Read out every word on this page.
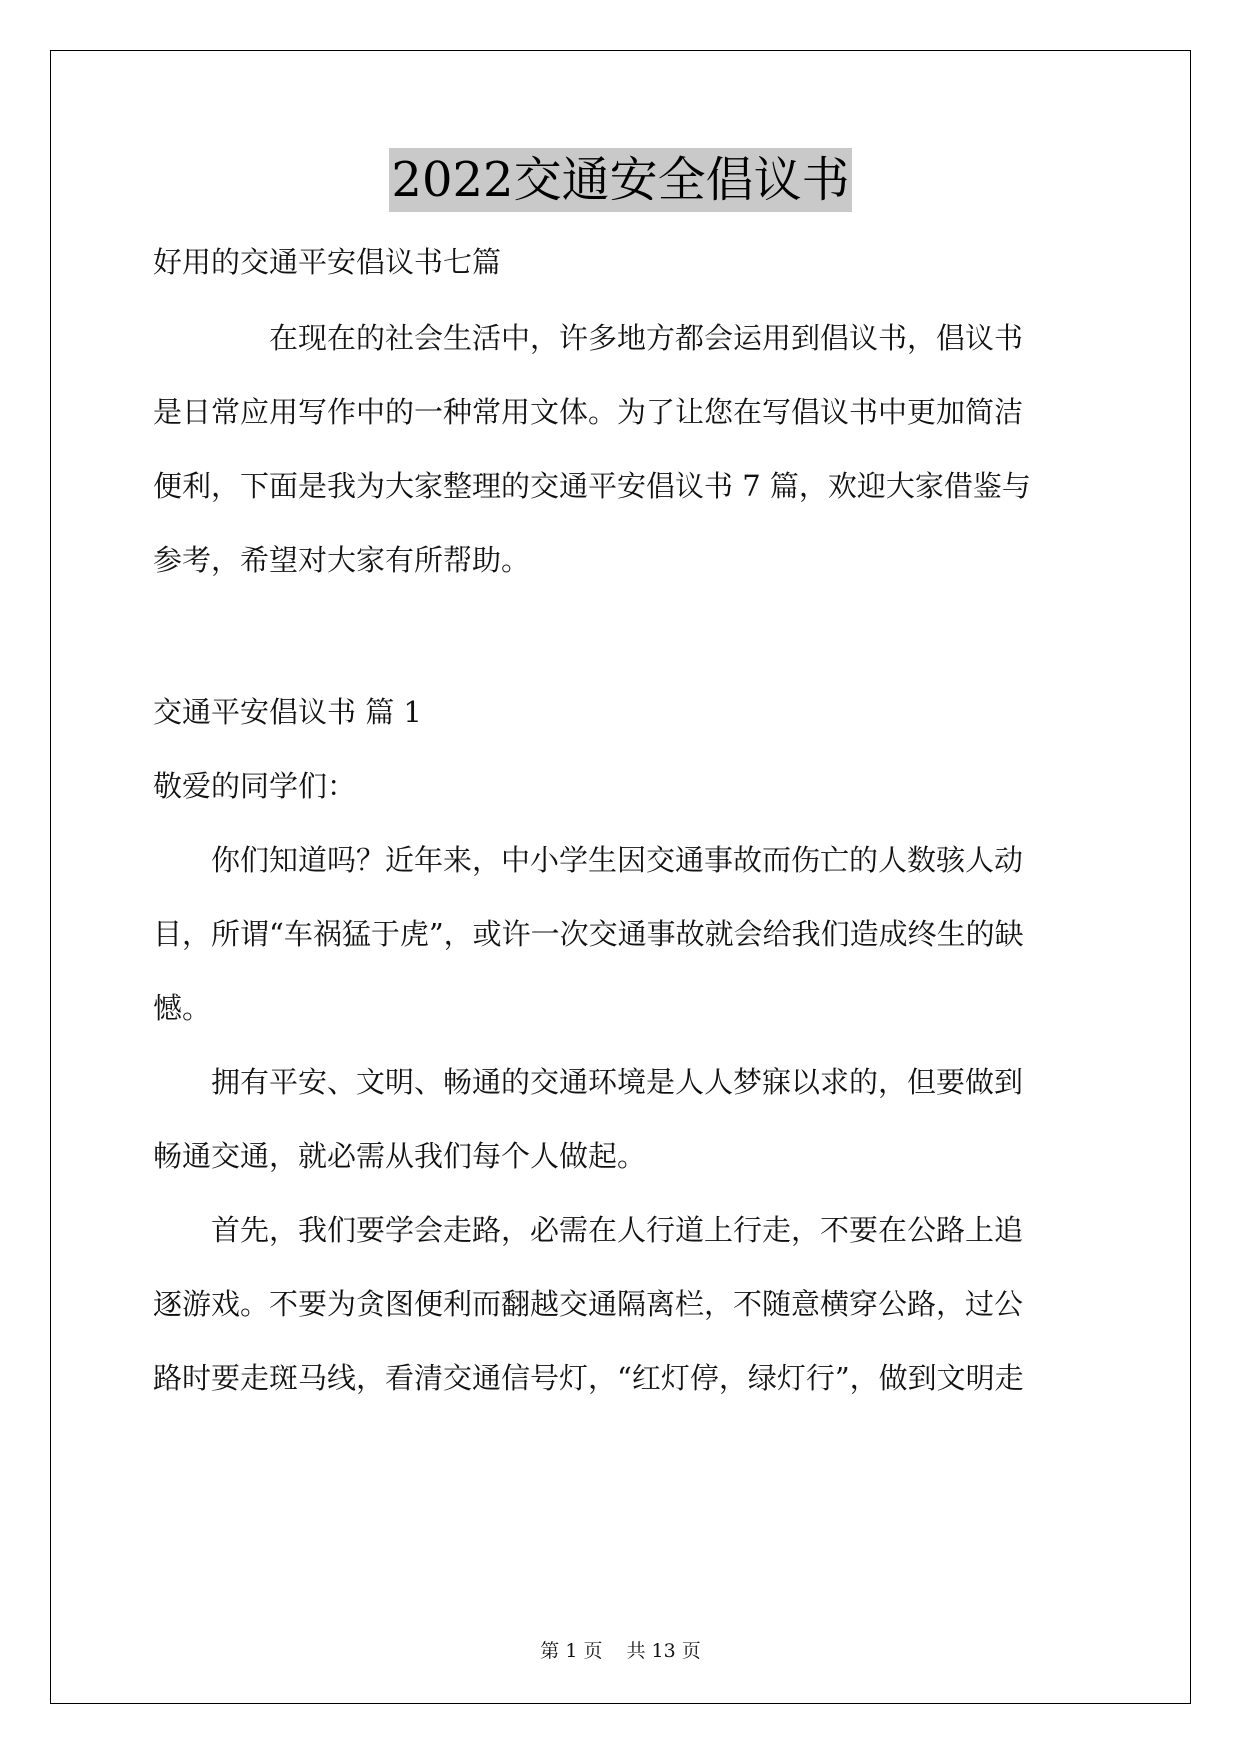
2022交通安全倡议书
好用的交通平安倡议书七篇
在现在的社会生活中，许多地方都会运用到倡议书，倡议书
是日常应用写作中的一种常用文体。为了让您在写倡议书中更加简洁
便利，下面是我为大家整理的交通平安倡议书 7 篇，欢迎大家借鉴与
参考，希望对大家有所帮助。
交通平安倡议书 篇 1
敬爱的同学们：
你们知道吗？近年来，中小学生因交通事故而伤亡的人数骇人动
目，所谓“车祸猛于虎”，或许一次交通事故就会给我们造成终生的缺
憾。
拥有平安、文明、畅通的交通环境是人人梦寐以求的，但要做到
畅通交通，就必需从我们每个人做起。
首先，我们要学会走路，必需在人行道上行走，不要在公路上追
逐游戏。不要为贪图便利而翻越交通隔离栏，不随意横穿公路，过公
路时要走斑马线，看清交通信号灯，“红灯停，绿灯行”，做到文明走
第 1 页 共 13 页
